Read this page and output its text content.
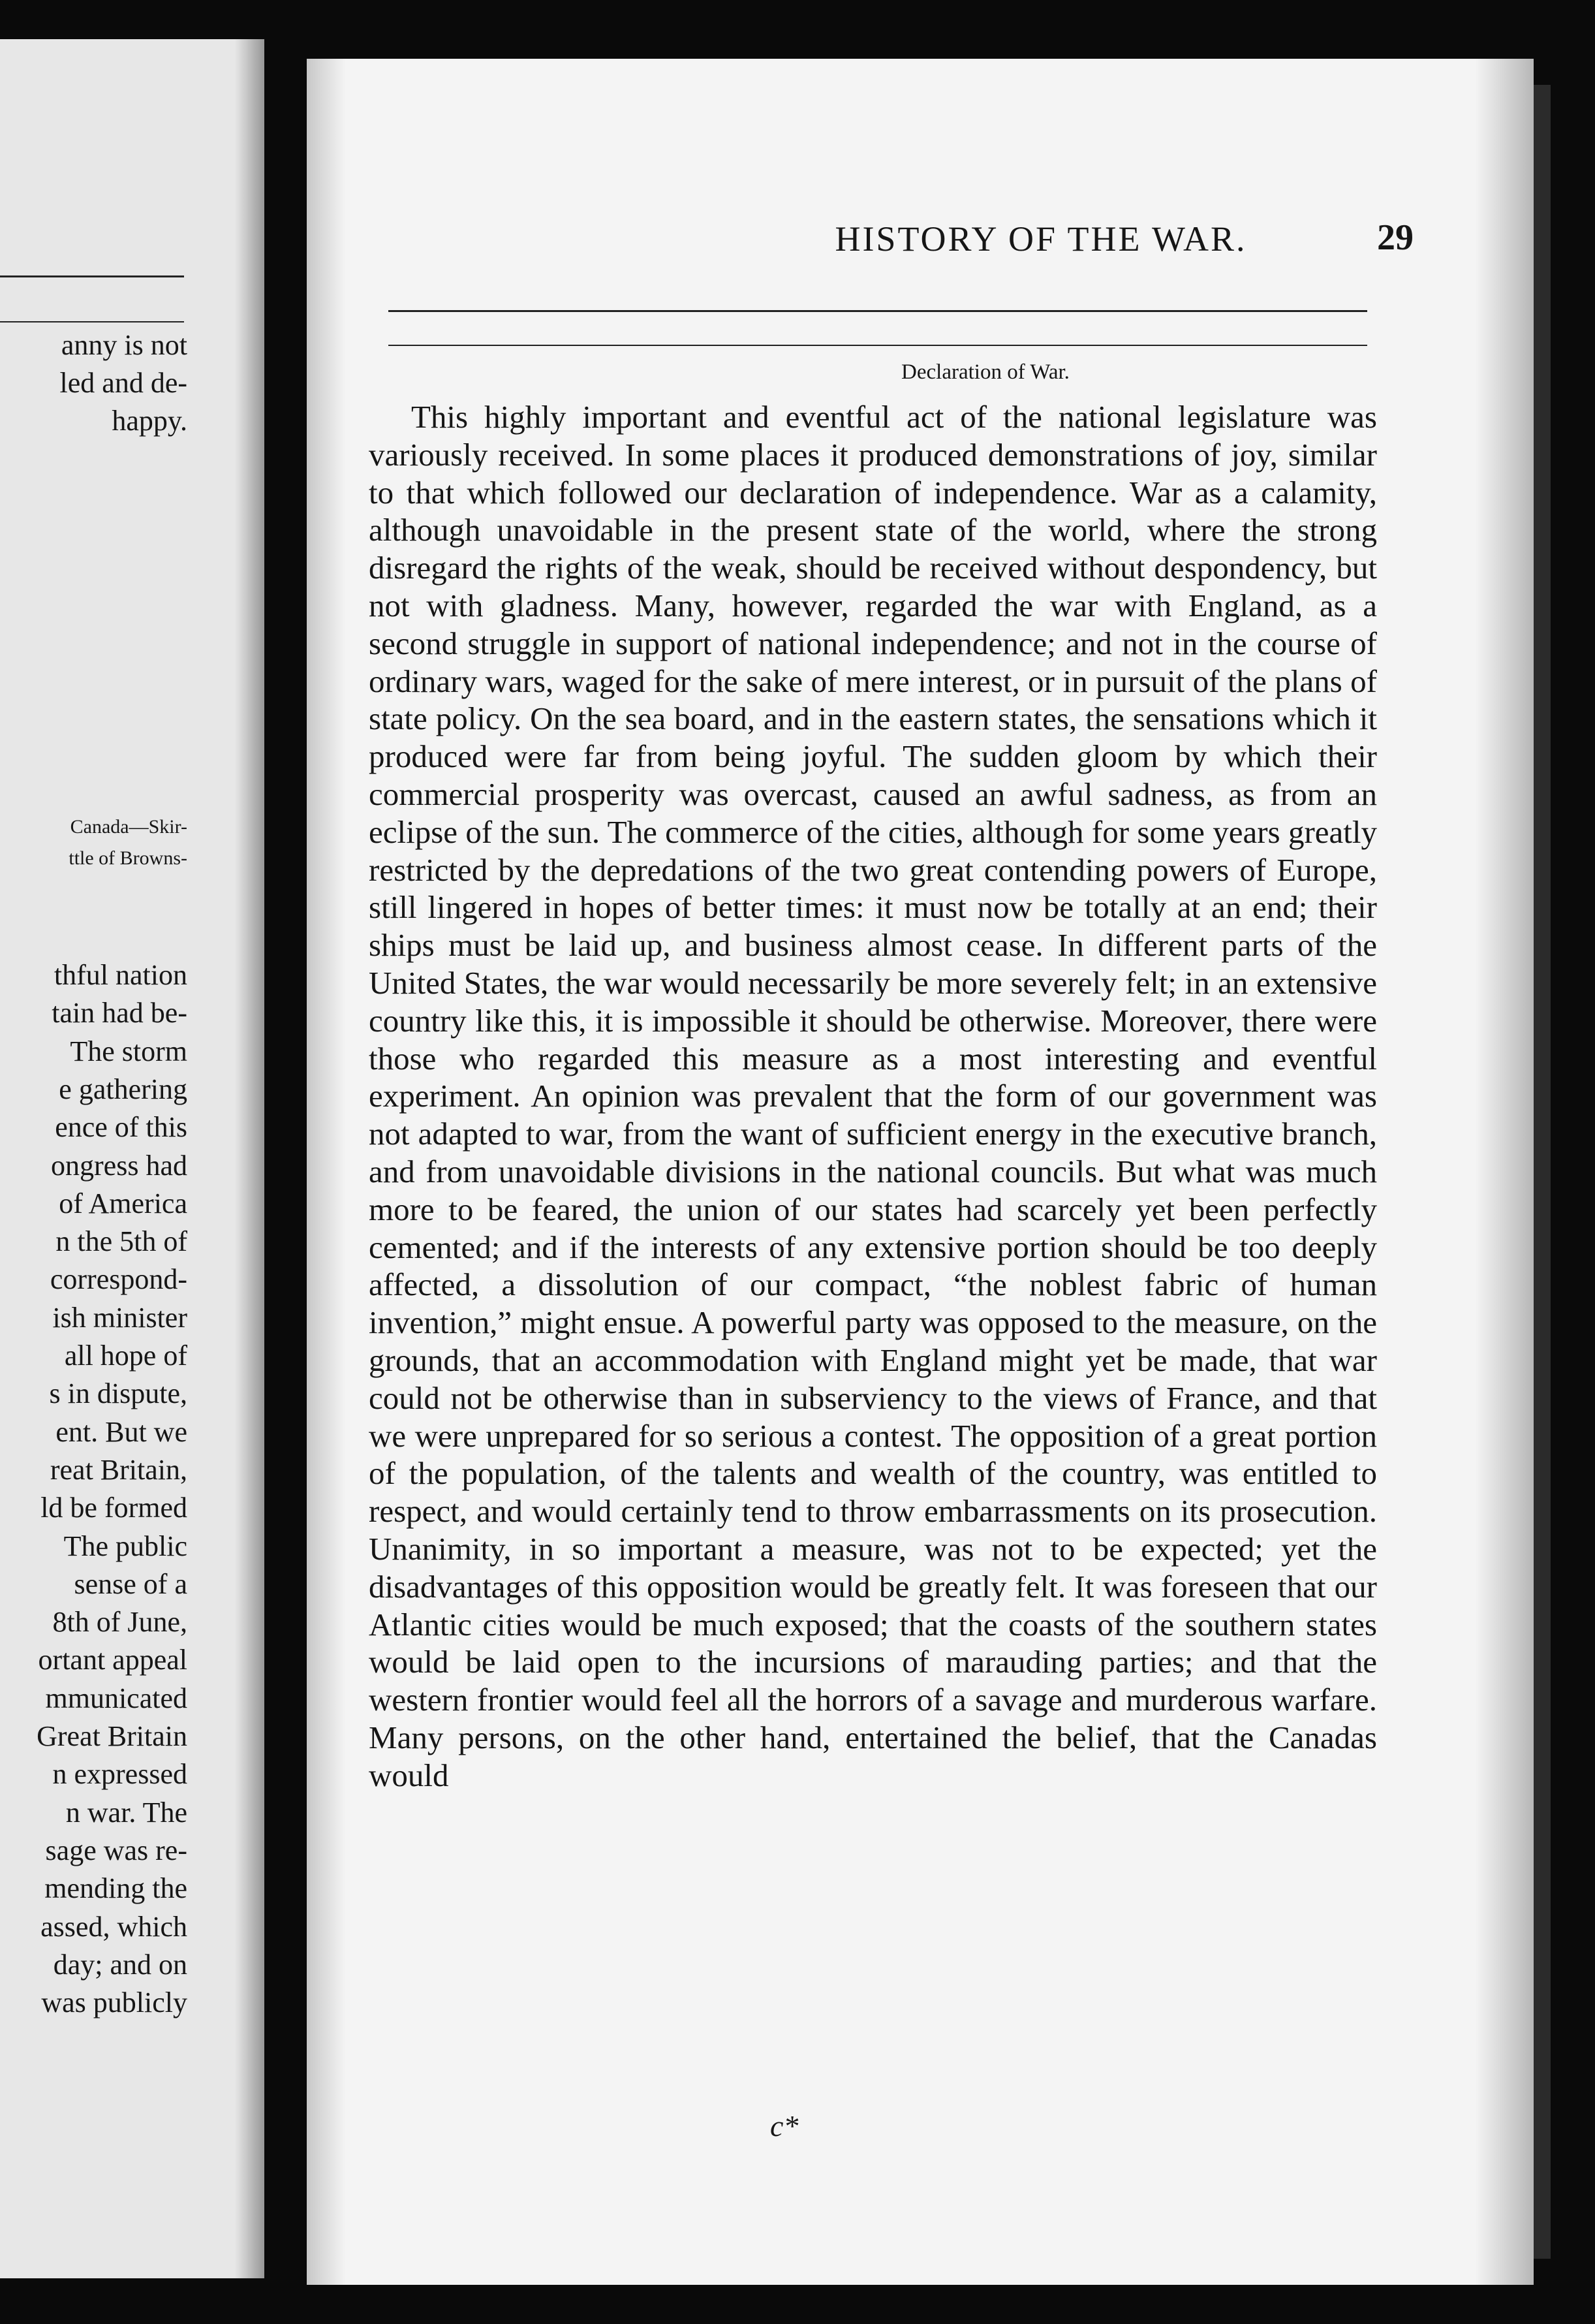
anny is not
led and de-
happy.
Canada—Skir-
ttle of Browns-
thful nation
tain had be-
The storm
e gathering
ence of this
ongress had
of America
n the 5th of
correspond-
ish minister
all hope of
s in dispute,
ent. But we
reat Britain,
ld be formed
The public
sense of a
8th of June,
ortant appeal
mmunicated
Great Britain
n expressed
n war. The
sage was re-
mending the
assed, which
day; and on
was publicly
HISTORY OF THE WAR.	29
Declaration of War.

This highly important and eventful act of the national legislature was variously received. In some places it produced demonstrations of joy, similar to that which followed our declaration of independence. War as a calamity, although unavoidable in the present state of the world, where the strong disregard the rights of the weak, should be received without despondency, but not with gladness. Many, however, regarded the war with England, as a second struggle in support of national independence; and not in the course of ordinary wars, waged for the sake of mere interest, or in pursuit of the plans of state policy. On the sea board, and in the eastern states, the sensations which it produced were far from being joyful. The sudden gloom by which their commercial prosperity was overcast, caused an awful sadness, as from an eclipse of the sun. The commerce of the cities, although for some years greatly restricted by the depredations of the two great contending powers of Europe, still lingered in hopes of better times: it must now be totally at an end; their ships must be laid up, and business almost cease. In different parts of the United States, the war would necessarily be more severely felt; in an extensive country like this, it is impossible it should be otherwise. Moreover, there were those who regarded this measure as a most interesting and eventful experiment. An opinion was prevalent that the form of our government was not adapted to war, from the want of sufficient energy in the executive branch, and from unavoidable divisions in the national councils. But what was much more to be feared, the union of our states had scarcely yet been perfectly cemented; and if the interests of any extensive portion should be too deeply affected, a dissolution of our compact, “the noblest fabric of human invention,” might ensue. A powerful party was opposed to the measure, on the grounds, that an accommodation with England might yet be made, that war could not be otherwise than in subserviency to the views of France, and that we were unprepared for so serious a contest. The opposition of a great portion of the population, of the talents and wealth of the country, was entitled to respect, and would certainly tend to throw embarrassments on its prosecution. Unanimity, in so important a measure, was not to be expected; yet the disadvantages of this opposition would be greatly felt. It was foreseen that our Atlantic cities would be much exposed; that the coasts of the southern states would be laid open to the incursions of marauding parties; and that the western frontier would feel all the horrors of a savage and murderous warfare. Many persons, on the other hand, entertained the belief, that the Canadas would

c*
